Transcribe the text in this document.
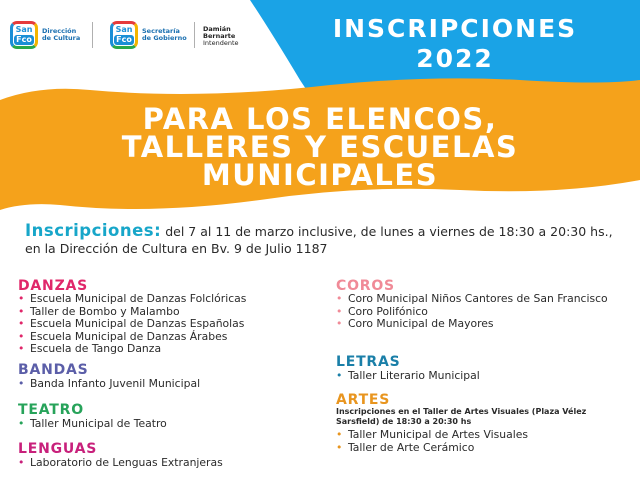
San
Fco
Dirección de Cultura
San
Fco
Secretaría de Gobierno
Damián Bernarte
Intendente	INSCRIPCIONES
2022
PARA LOS ELENCOS,
TALLERES Y ESCUELAS
MUNICIPALES
Inscripciones: del 7 al 11 de marzo inclusive, de lunes a viernes de 18:30 a 20:30 hs., en la Dirección de Cultura en Bv. 9 de Julio 1187
DANZAS
• Escuela Municipal de Danzas Folclóricas
• Taller de Bombo y Malambo
• Escuela Municipal de Danzas Españolas
• Escuela Municipal de Danzas Árabes
• Escuela de Tango Danza
BANDAS
• Banda Infanto Juvenil Municipal
TEATRO
• Taller Municipal de Teatro
LENGUAS
• Laboratorio de Lenguas Extranjeras
COROS
• Coro Municipal Niños Cantores de San Francisco
• Coro Polifónico
• Coro Municipal de Mayores
LETRAS
• Taller Literario Municipal
ARTES
Inscripciones en el Taller de Artes Visuales (Plaza Vélez Sarsfield) de 18:30 a 20:30 hs
• Taller Municipal de Artes Visuales
• Taller de Arte Cerámico
